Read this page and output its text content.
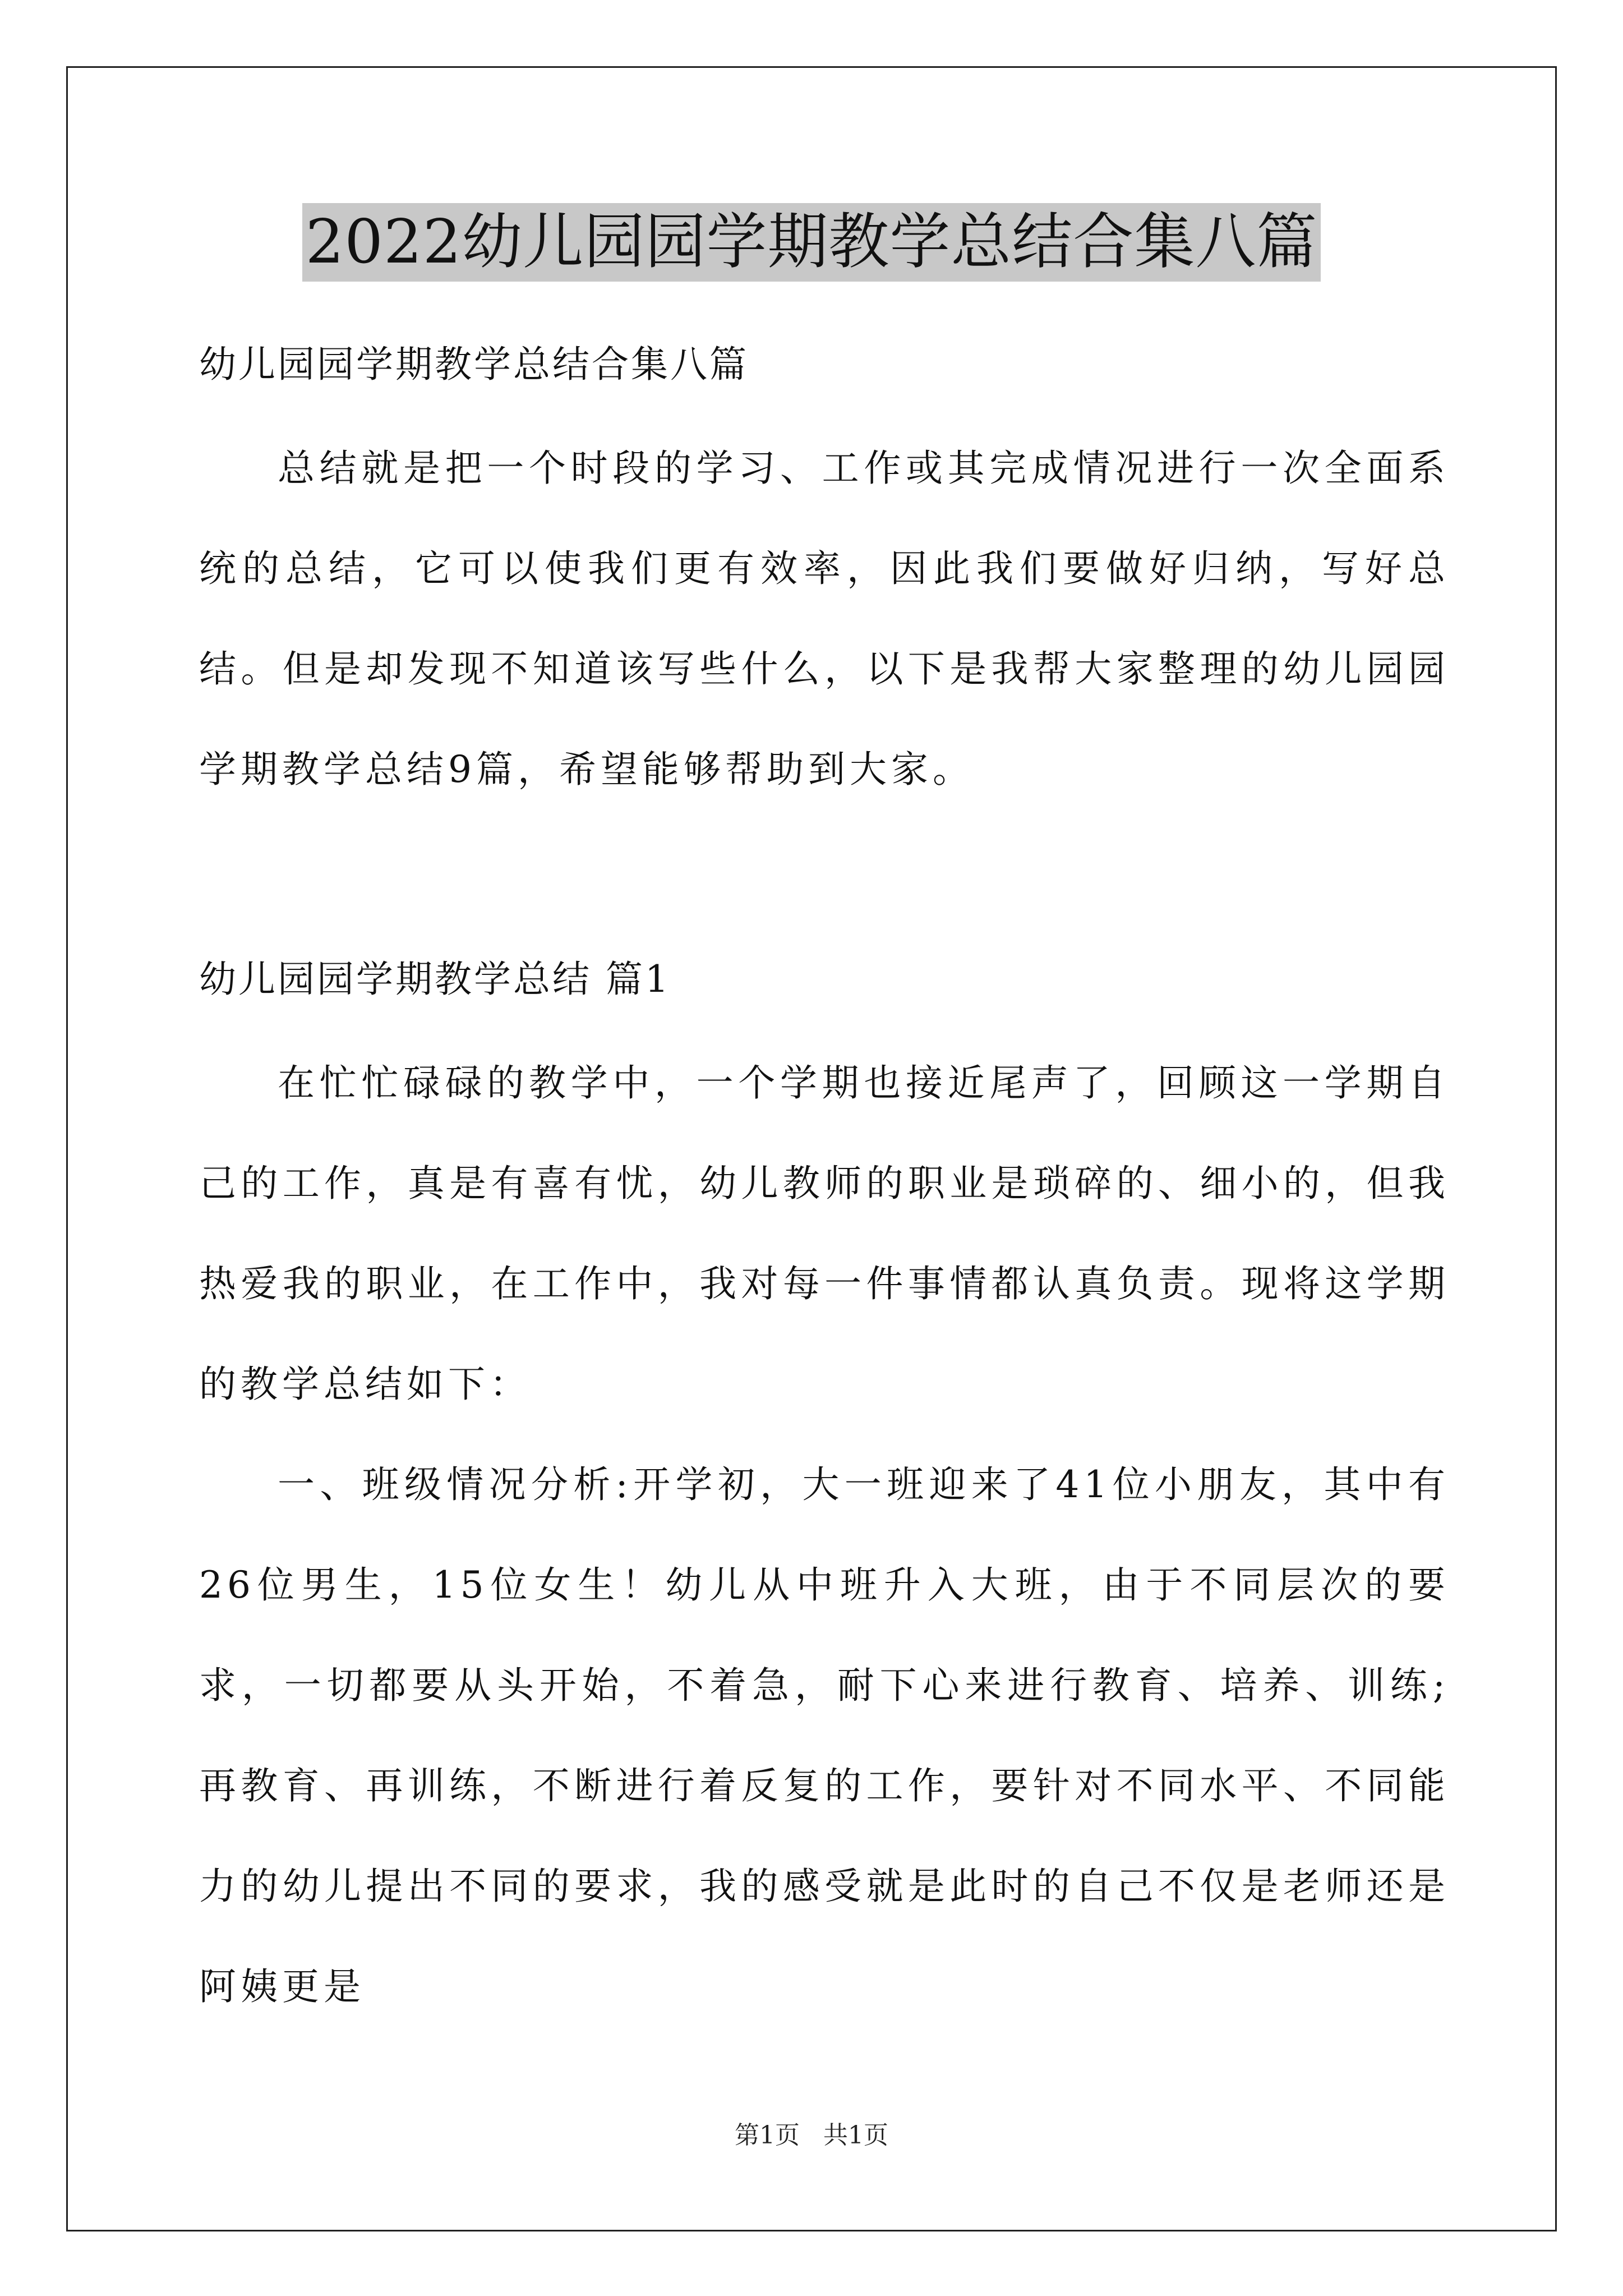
2022幼儿园园学期教学总结合集八篇

幼儿园园学期教学总结合集八篇

总结就是把一个时段的学习、工作或其完成情况进行一次全面系统的总结，它可以使我们更有效率，因此我们要做好归纳，写好总结。但是却发现不知道该写些什么，以下是我帮大家整理的幼儿园园学期教学总结9篇，希望能够帮助到大家。

幼儿园园学期教学总结 篇1

在忙忙碌碌的教学中，一个学期也接近尾声了，回顾这一学期自己的工作，真是有喜有忧，幼儿教师的职业是琐碎的、细小的，但我热爱我的职业，在工作中，我对每一件事情都认真负责。现将这学期的教学总结如下：

一、班级情况分析:开学初，大一班迎来了41位小朋友，其中有26位男生，15位女生！幼儿从中班升入大班，由于不同层次的要求，一切都要从头开始，不着急，耐下心来进行教育、培养、训练;再教育、再训练，不断进行着反复的工作，要针对不同水平、不同能力的幼儿提出不同的要求，我的感受就是此时的自己不仅是老师还是阿姨更是

第1页   共1页
